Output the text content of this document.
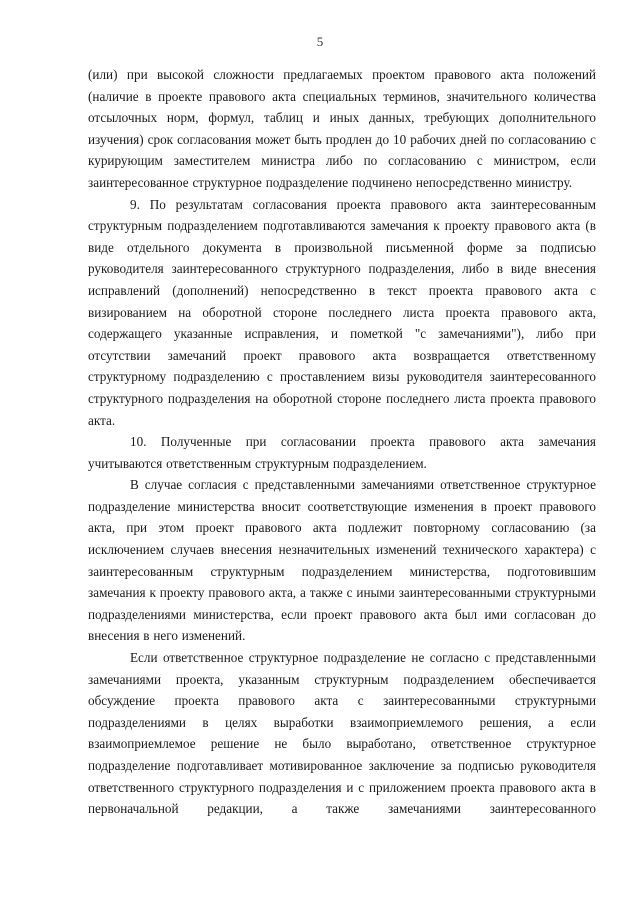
5

(или) при высокой сложности предлагаемых проектом правового акта положений (наличие в проекте правового акта специальных терминов, значительного количества отсылочных норм, формул, таблиц и иных данных, требующих дополнительного изучения) срок согласования может быть продлен до 10 рабочих дней по согласованию с курирующим заместителем министра либо по согласованию с министром, если заинтересованное структурное подразделение подчинено непосредственно министру.

9. По результатам согласования проекта правового акта заинтересованным структурным подразделением подготавливаются замечания к проекту правового акта (в виде отдельного документа в произвольной письменной форме за подписью руководителя заинтересованного структурного подразделения, либо в виде внесения исправлений (дополнений) непосредственно в текст проекта правового акта с визированием на оборотной стороне последнего листа проекта правового акта, содержащего указанные исправления, и пометкой "с замечаниями"), либо при отсутствии замечаний проект правового акта возвращается ответственному структурному подразделению с проставлением визы руководителя заинтересованного структурного подразделения на оборотной стороне последнего листа проекта правового акта.

10. Полученные при согласовании проекта правового акта замечания учитываются ответственным структурным подразделением.

В случае согласия с представленными замечаниями ответственное структурное подразделение министерства вносит соответствующие изменения в проект правового акта, при этом проект правового акта подлежит повторному согласованию (за исключением случаев внесения незначительных изменений технического характера) с заинтересованным структурным подразделением министерства, подготовившим замечания к проекту правового акта, а также с иными заинтересованными структурными подразделениями министерства, если проект правового акта был ими согласован до внесения в него изменений.

Если ответственное структурное подразделение не согласно с представленными замечаниями проекта, указанным структурным подразделением обеспечивается обсуждение проекта правового акта с заинтересованными структурными подразделениями в целях выработки взаимоприемлемого решения, а если взаимоприемлемое решение не было выработано, ответственное структурное подразделение подготавливает мотивированное заключение за подписью руководителя ответственного структурного подразделения и с приложением проекта правового акта в первоначальной редакции, а также замечаниями заинтересованного
